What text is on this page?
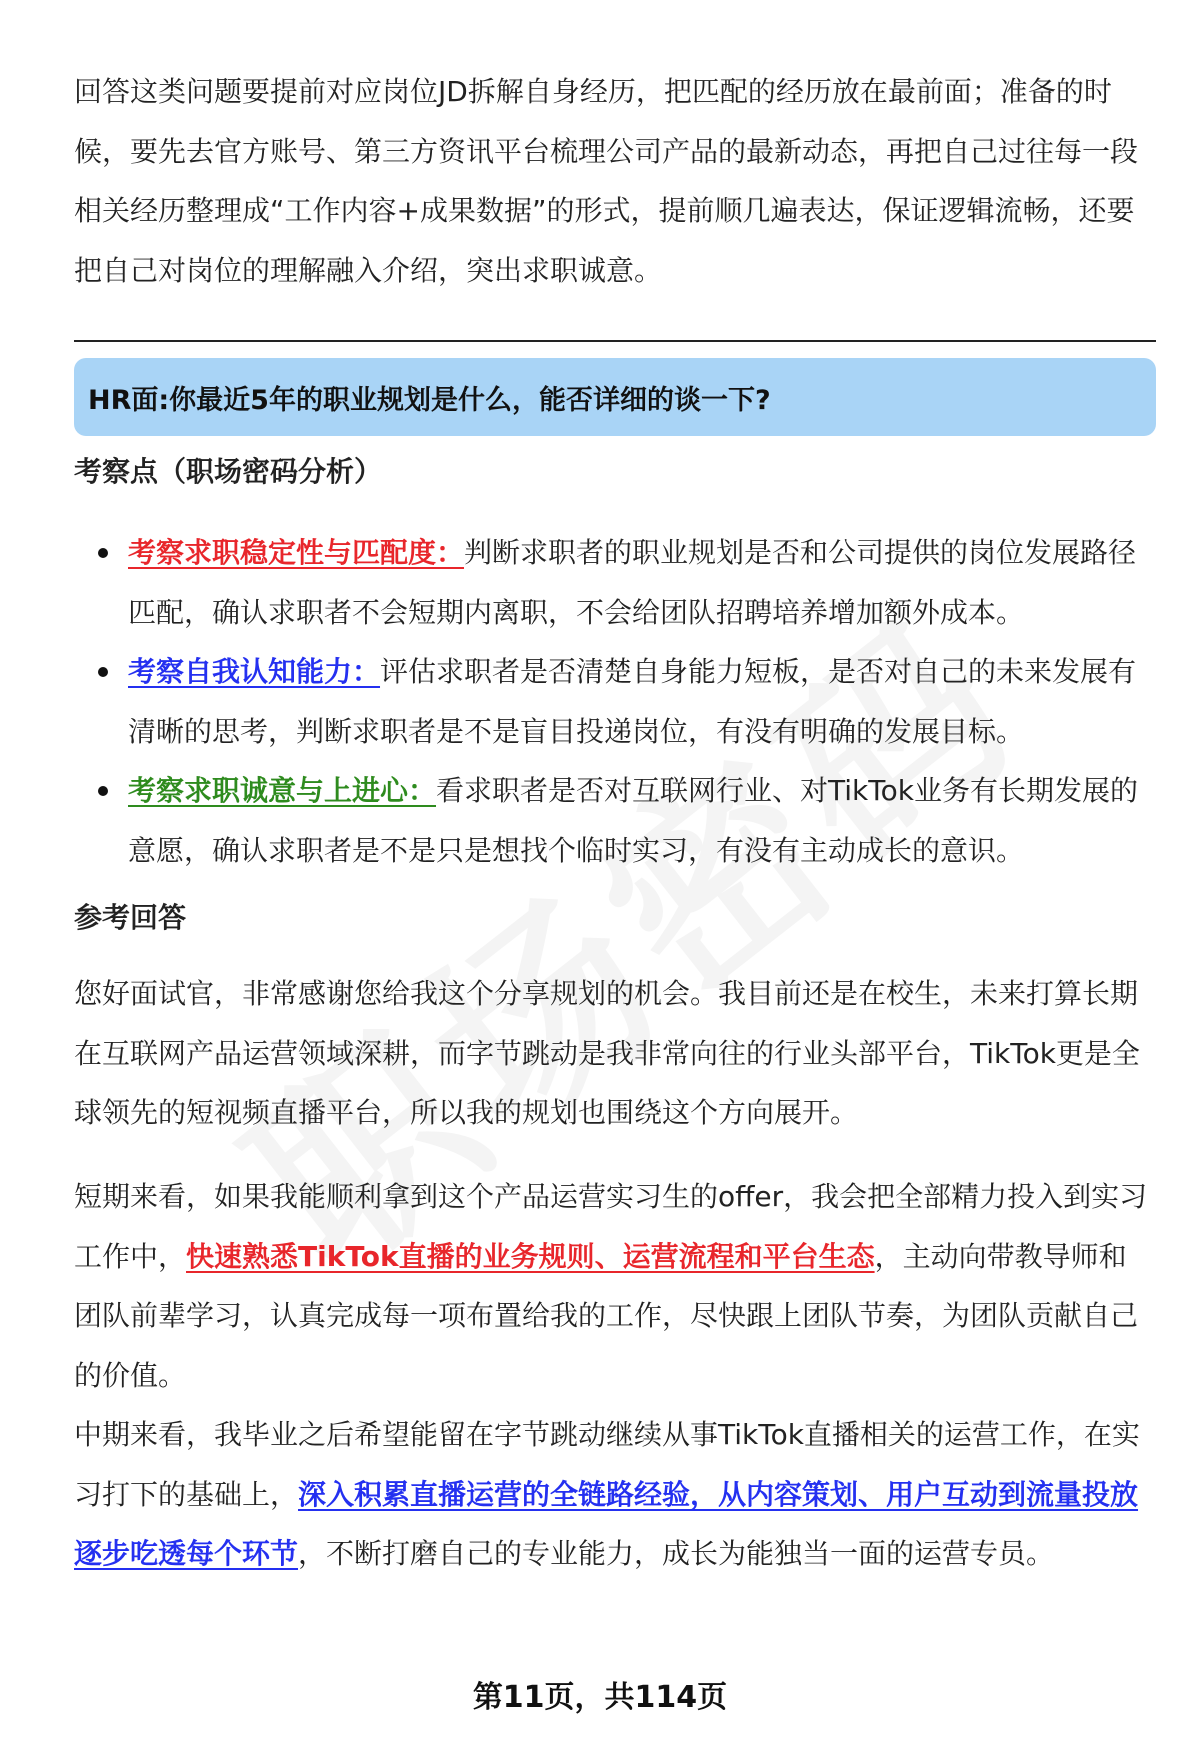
回答这类问题要提前对应岗位JD拆解自身经历，把匹配的经历放在最前面；准备的时候，要先去官方账号、第三方资讯平台梳理公司产品的最新动态，再把自己过往每一段相关经历整理成“工作内容+成果数据”的形式，提前顺几遍表达，保证逻辑流畅，还要把自己对岗位的理解融入介绍，突出求职诚意。

HR面:你最近5年的职业规划是什么，能否详细的谈一下?
考察点（职场密码分析）
考察求职稳定性与匹配度：判断求职者的职业规划是否和公司提供的岗位发展路径匹配，确认求职者不会短期内离职，不会给团队招聘培养增加额外成本。
考察自我认知能力：评估求职者是否清楚自身能力短板，是否对自己的未来发展有清晰的思考，判断求职者是不是盲目投递岗位，有没有明确的发展目标。
考察求职诚意与上进心：看求职者是否对互联网行业、对TikTok业务有长期发展的意愿，确认求职者是不是只是想找个临时实习，有没有主动成长的意识。
参考回答

您好面试官，非常感谢您给我这个分享规划的机会。我目前还是在校生，未来打算长期在互联网产品运营领域深耕，而字节跳动是我非常向往的行业头部平台，TikTok更是全球领先的短视频直播平台，所以我的规划也围绕这个方向展开。

短期来看，如果我能顺利拿到这个产品运营实习生的offer，我会把全部精力投入到实习工作中，快速熟悉TikTok直播的业务规则、运营流程和平台生态，主动向带教导师和团队前辈学习，认真完成每一项布置给我的工作，尽快跟上团队节奏，为团队贡献自己的价值。

中期来看，我毕业之后希望能留在字节跳动继续从事TikTok直播相关的运营工作，在实习打下的基础上，深入积累直播运营的全链路经验，从内容策划、用户互动到流量投放逐步吃透每个环节，不断打磨自己的专业能力，成长为能独当一面的运营专员。

第11页，共114页
